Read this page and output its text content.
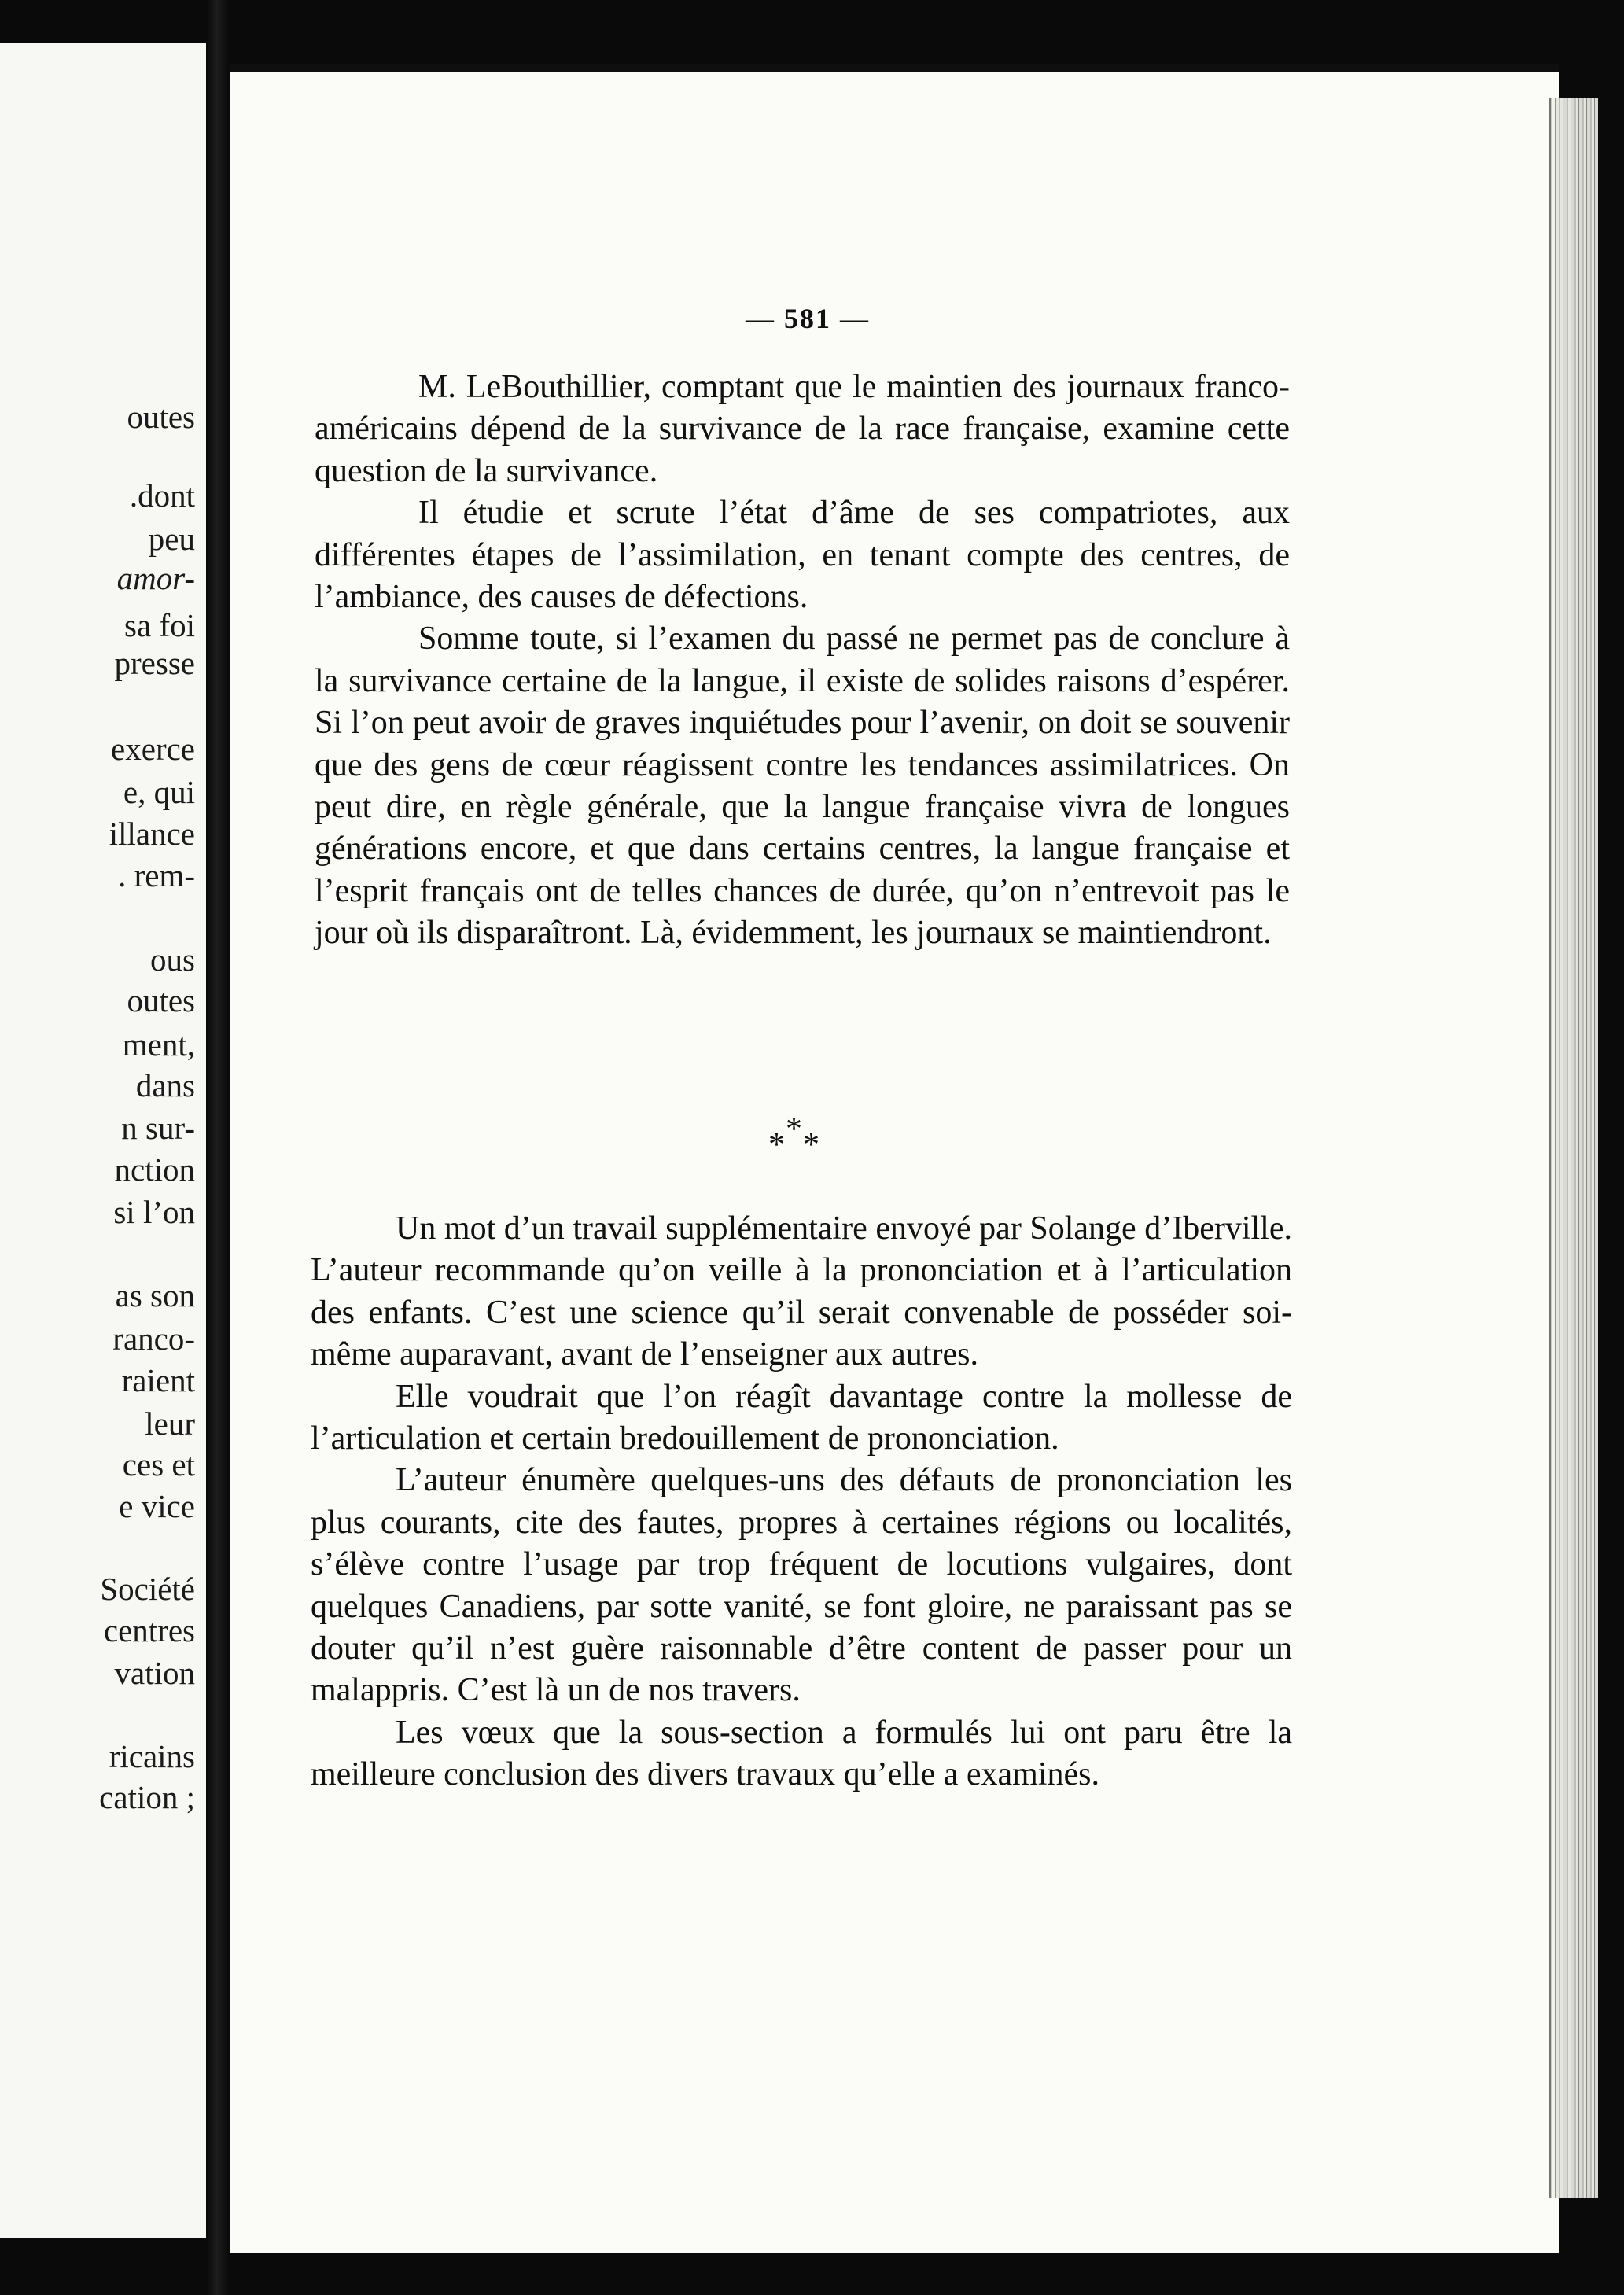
outes
.dont
peu
amor-
sa foi
presse
exerce
e, qui
illance
. rem-
ous
outes
ment,
dans
n sur-
nction
si l’on
as son
ranco-
raient
leur
ces et
e vice
Société
centres
vation
ricains
cation ;
— 581 —

M. LeBouthillier, comptant que le maintien des journaux franco-américains dépend de la survivance de la race française, examine cette question de la survivance.

Il étudie et scrute l’état d’âme de ses compatriotes, aux différentes étapes de l’assimilation, en tenant compte des centres, de l’ambiance, des causes de défections.

Somme toute, si l’examen du passé ne permet pas de conclure à la survivance certaine de la langue, il existe de solides raisons d’espérer. Si l’on peut avoir de graves inquiétudes pour l’avenir, on doit se souvenir que des gens de cœur réagissent contre les tendances assimilatrices. On peut dire, en règle générale, que la langue française vivra de longues générations encore, et que dans certains centres, la langue française et l’esprit français ont de telles chances de durée, qu’on n’entrevoit pas le jour où ils disparaîtront. Là, évidemment, les journaux se maintiendront.

*
* *

Un mot d’un travail supplémentaire envoyé par Solange d’Iberville. L’auteur recommande qu’on veille à la prononciation et à l’articulation des enfants. C’est une science qu’il serait convenable de posséder soi-même auparavant, avant de l’enseigner aux autres.

Elle voudrait que l’on réagît davantage contre la mollesse de l’articulation et certain bredouillement de prononciation.

L’auteur énumère quelques-uns des défauts de prononciation les plus courants, cite des fautes, propres à certaines régions ou localités, s’élève contre l’usage par trop fréquent de locutions vulgaires, dont quelques Canadiens, par sotte vanité, se font gloire, ne paraissant pas se douter qu’il n’est guère raisonnable d’être content de passer pour un malappris. C’est là un de nos travers.

Les vœux que la sous-section a formulés lui ont paru être la meilleure conclusion des divers travaux qu’elle a examinés.
